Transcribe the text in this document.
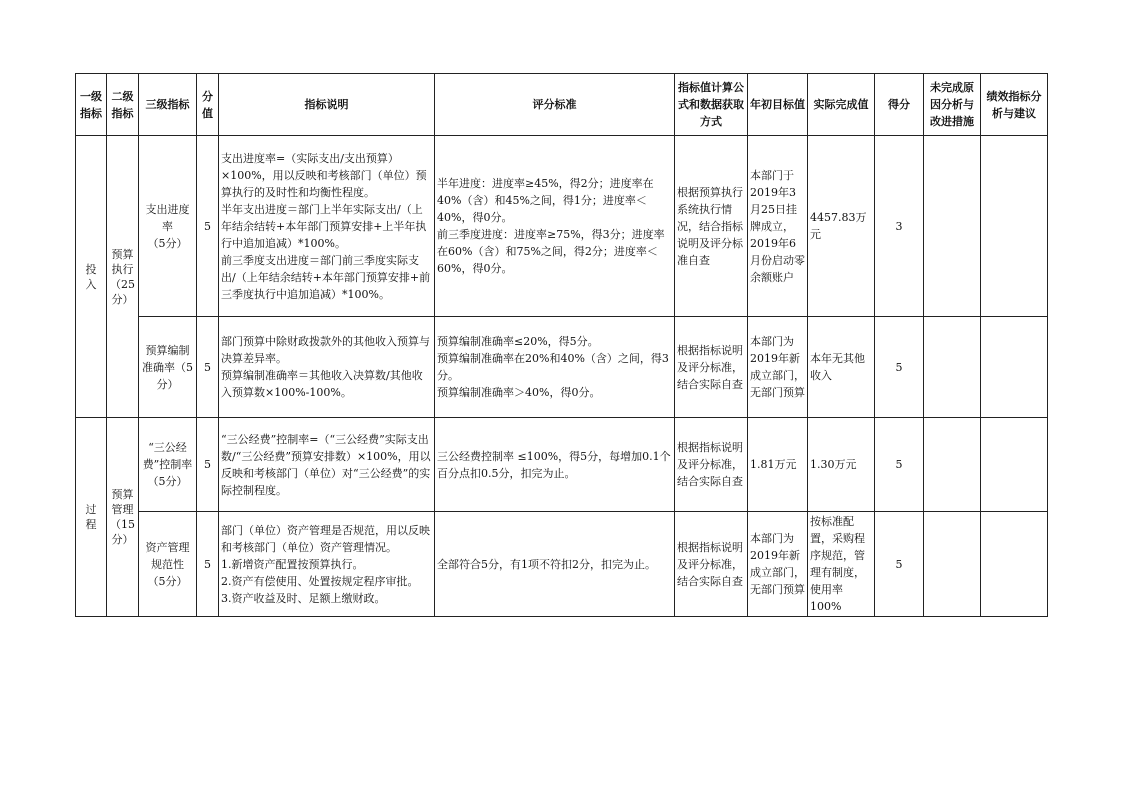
一级指标	二级指标	三级指标	分值	指标说明	评分标准	指标值计算公式和数据获取方式	年初目标值	实际完成值	得分	未完成原因分析与改进措施	绩效指标分析与建议
投
入	预算
执行
（25
分）	支出进度
率
（5分）	5	支出进度率=（实际支出/支出预算）×100%，用以反映和考核部门（单位）预算执行的及时性和均衡性程度。
半年支出进度＝部门上半年实际支出/（上年结余结转+本年部门预算安排+上半年执行中追加追减）*100%。
前三季度支出进度＝部门前三季度实际支出/（上年结余结转+本年部门预算安排+前三季度执行中追加追减）*100%。	半年进度：进度率≥45%，得2分；进度率在40%（含）和45%之间，得1分；进度率＜40%，得0分。
前三季度进度：进度率≥75%，得3分；进度率在60%（含）和75%之间，得2分；进度率＜60%，得0分。	根据预算执行系统执行情况，结合指标说明及评分标准自查	本部门于2019年3月25日挂牌成立，2019年6月份启动零余额账户	4457.83万元	3		
		预算编制
准确率（5
分）	5	部门预算中除财政拨款外的其他收入预算与决算差异率。
预算编制准确率＝其他收入决算数/其他收入预算数×100%-100%。	预算编制准确率≤20%，得5分。
预算编制准确率在20%和40%（含）之间，得3分。
预算编制准确率＞40%，得0分。	根据指标说明及评分标准，结合实际自查	本部门为2019年新成立部门，无部门预算	本年无其他收入	5		
过
程	预算
管理
（15
分）	“三公经
费”控制率
（5分）	5	“三公经费”控制率=（“三公经费”实际支出数/“三公经费”预算安排数）×100%，用以反映和考核部门（单位）对“三公经费”的实际控制程度。	三公经费控制率 ≤100%，得5分，每增加0.1个百分点扣0.5分，扣完为止。	根据指标说明及评分标准，结合实际自查	1.81万元	1.30万元	5		
		资产管理
规范性
（5分）	5	部门（单位）资产管理是否规范，用以反映和考核部门（单位）资产管理情况。
1.新增资产配置按预算执行。
2.资产有偿使用、处置按规定程序审批。
3.资产收益及时、足额上缴财政。	全部符合5分，有1项不符扣2分，扣完为止。	根据指标说明及评分标准，结合实际自查	本部门为2019年新成立部门，无部门预算	按标准配置，采购程序规范，管理有制度，使用率100%	5		
